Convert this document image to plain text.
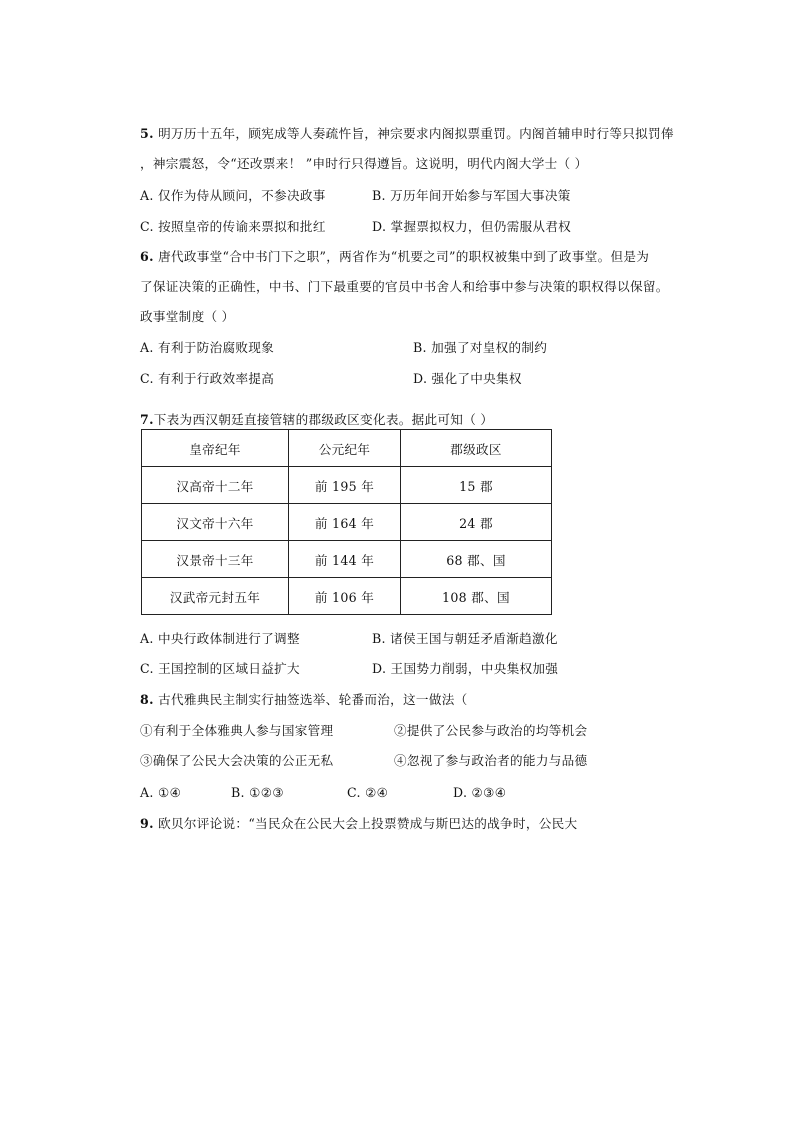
5. 明万历十五年，顾宪成等人奏疏忤旨，神宗要求内阁拟票重罚。内阁首辅申时行等只拟罚俸
，神宗震怒，令“还改票来！ ”申时行只得遵旨。这说明，明代内阁大学士（ ）
A. 仅作为侍从顾问，不参决政事	B. 万历年间开始参与军国大事决策
C. 按照皇帝的传谕来票拟和批红	D. 掌握票拟权力，但仍需服从君权
6. 唐代政事堂“合中书门下之职”，两省作为“机要之司”的职权被集中到了政事堂。但是为
了保证决策的正确性，中书、门下最重要的官员中书舍人和给事中参与决策的职权得以保留。
政事堂制度（ ）
A. 有利于防治腐败现象	B. 加强了对皇权的制约
C. 有利于行政效率提高	D. 强化了中央集权
7.下表为西汉朝廷直接管辖的郡级政区变化表。据此可知（ ）
皇帝纪年	公元纪年	郡级政区
汉高帝十二年	前 195 年	15 郡
汉文帝十六年	前 164 年	24 郡
汉景帝十三年	前 144 年	68 郡、国
汉武帝元封五年	前 106 年	108 郡、国
A. 中央行政体制进行了调整	B. 诸侯王国与朝廷矛盾渐趋激化
C. 王国控制的区域日益扩大	D. 王国势力削弱，中央集权加强
8. 古代雅典民主制实行抽签选举、轮番而治，这一做法（
①有利于全体雅典人参与国家管理	②提供了公民参与政治的均等机会
③确保了公民大会决策的公正无私	④忽视了参与政治者的能力与品德
A. ①④	B. ①②③	C. ②④	D. ②③④
9. 欧贝尔评论说：“当民众在公民大会上投票赞成与斯巴达的战争时，公民大
